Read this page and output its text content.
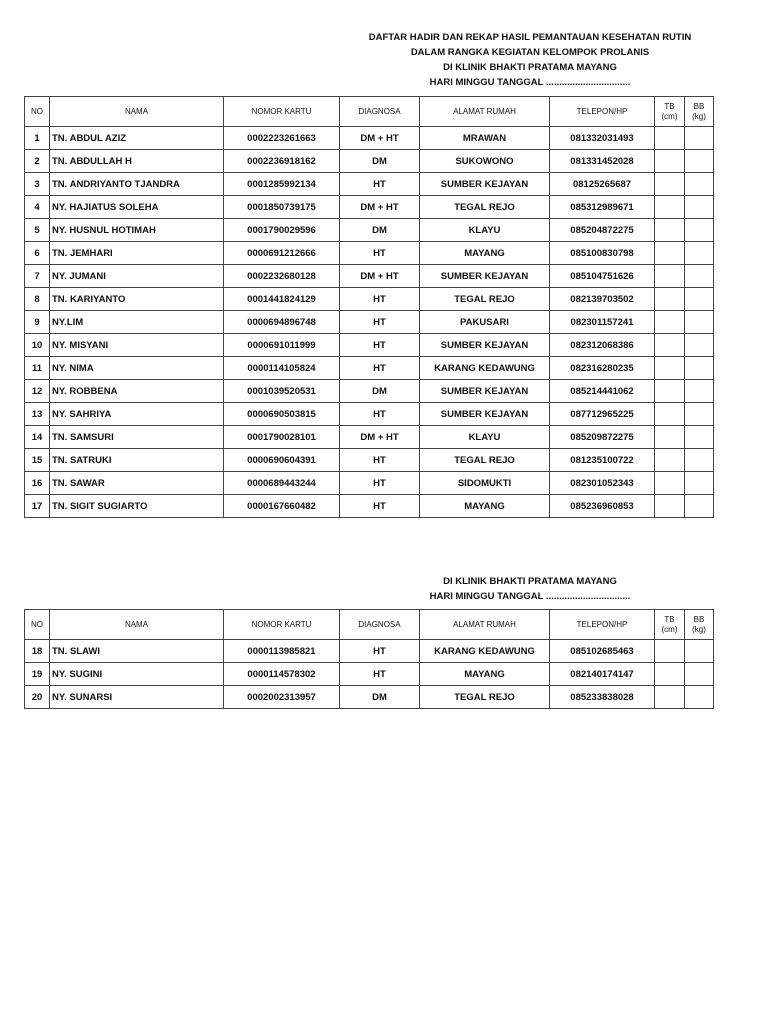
DAFTAR HADIR DAN REKAP HASIL PEMANTAUAN KESEHATAN RUTIN
DALAM RANGKA KEGIATAN KELOMPOK PROLANIS
DI KLINIK BHAKTI PRATAMA MAYANG
HARI MINGGU TANGGAL ................................
NO	NAMA	NOMOR KARTU	DIAGNOSA	ALAMAT RUMAH	TELEPON/HP	TB (cm)	BB (kg)
1	TN. ABDUL AZIZ	0002223261663	DM + HT	MRAWAN	081332031493		
2	TN. ABDULLAH H	0002236918162	DM	SUKOWONO	081331452028		
3	TN. ANDRIYANTO TJANDRA	0001285992134	HT	SUMBER KEJAYAN	08125265687		
4	NY. HAJIATUS SOLEHA	0001850739175	DM + HT	TEGAL REJO	085312989671		
5	NY. HUSNUL HOTIMAH	0001790029596	DM	KLAYU	085204872275		
6	TN. JEMHARI	0000691212666	HT	MAYANG	085100830798		
7	NY. JUMANI	0002232680128	DM + HT	SUMBER KEJAYAN	085104751626		
8	TN. KARIYANTO	0001441824129	HT	TEGAL REJO	082139703502		
9	NY.LIM	0000694896748	HT	PAKUSARI	082301157241		
10	NY. MISYANI	0000691011999	HT	SUMBER KEJAYAN	082312068386		
11	NY. NIMA	0000114105824	HT	KARANG KEDAWUNG	082316280235		
12	NY. ROBBENA	0001039520531	DM	SUMBER KEJAYAN	085214441062		
13	NY. SAHRIYA	0000690503815	HT	SUMBER KEJAYAN	087712965225		
14	TN. SAMSURI	0001790028101	DM + HT	KLAYU	085209872275		
15	TN. SATRUKI	0000690604391	HT	TEGAL REJO	081235100722		
16	TN. SAWAR	0000689443244	HT	SIDOMUKTI	082301052343		
17	TN. SIGIT SUGIARTO	0000167660482	HT	MAYANG	085236960853		
DI KLINIK BHAKTI PRATAMA MAYANG
HARI MINGGU TANGGAL ................................
NO	NAMA	NOMOR KARTU	DIAGNOSA	ALAMAT RUMAH	TELEPON/HP	TB (cm)	BB (kg)
18	TN. SLAWI	0000113985821	HT	KARANG KEDAWUNG	085102685463		
19	NY. SUGINI	0000114578302	HT	MAYANG	082140174147		
20	NY. SUNARSI	0002002313957	DM	TEGAL REJO	085233838028		
